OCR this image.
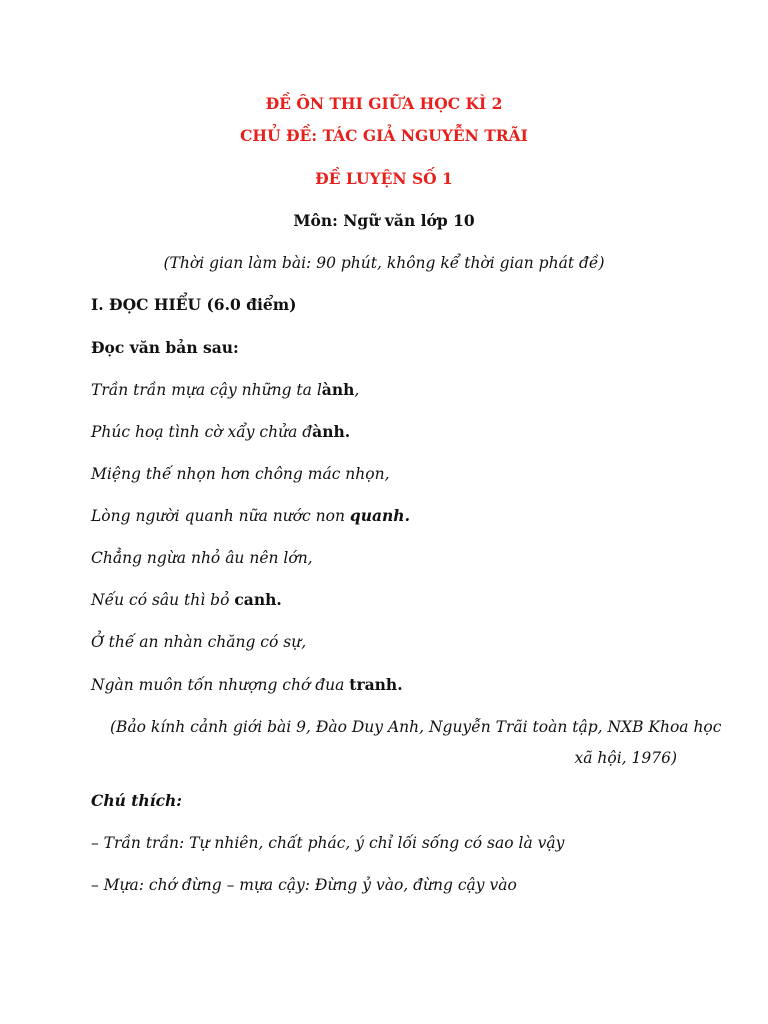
ĐỀ ÔN THI GIỮA HỌC KÌ 2
CHỦ ĐỀ: TÁC GIẢ NGUYỄN TRÃI
ĐỀ LUYỆN SỐ 1
Môn: Ngữ văn lớp 10
(Thời gian làm bài: 90 phút, không kể thời gian phát đề)
I. ĐỌC HIỂU (6.0 điểm)
Đọc văn bản sau:
Trần trần mựa cậy những ta lành,
Phúc hoạ tình cờ xẩy chửa đành.
Miệng thế nhọn hơn chông mác nhọn,
Lòng người quanh nữa nước non quanh.
Chẳng ngừa nhỏ âu nên lớn,
Nếu có sâu thì bỏ canh.
Ở thế an nhàn chăng có sự,
Ngàn muôn tốn nhượng chớ đua tranh.
(Bảo kính cảnh giới bài 9, Đào Duy Anh, Nguyễn Trãi toàn tập, NXB Khoa học
xã hội, 1976)
Chú thích:
– Trần trần: Tự nhiên, chất phác, ý chỉ lối sống có sao là vậy
– Mựa: chớ đừng – mựa cậy: Đừng ỷ vào, đừng cậy vào
